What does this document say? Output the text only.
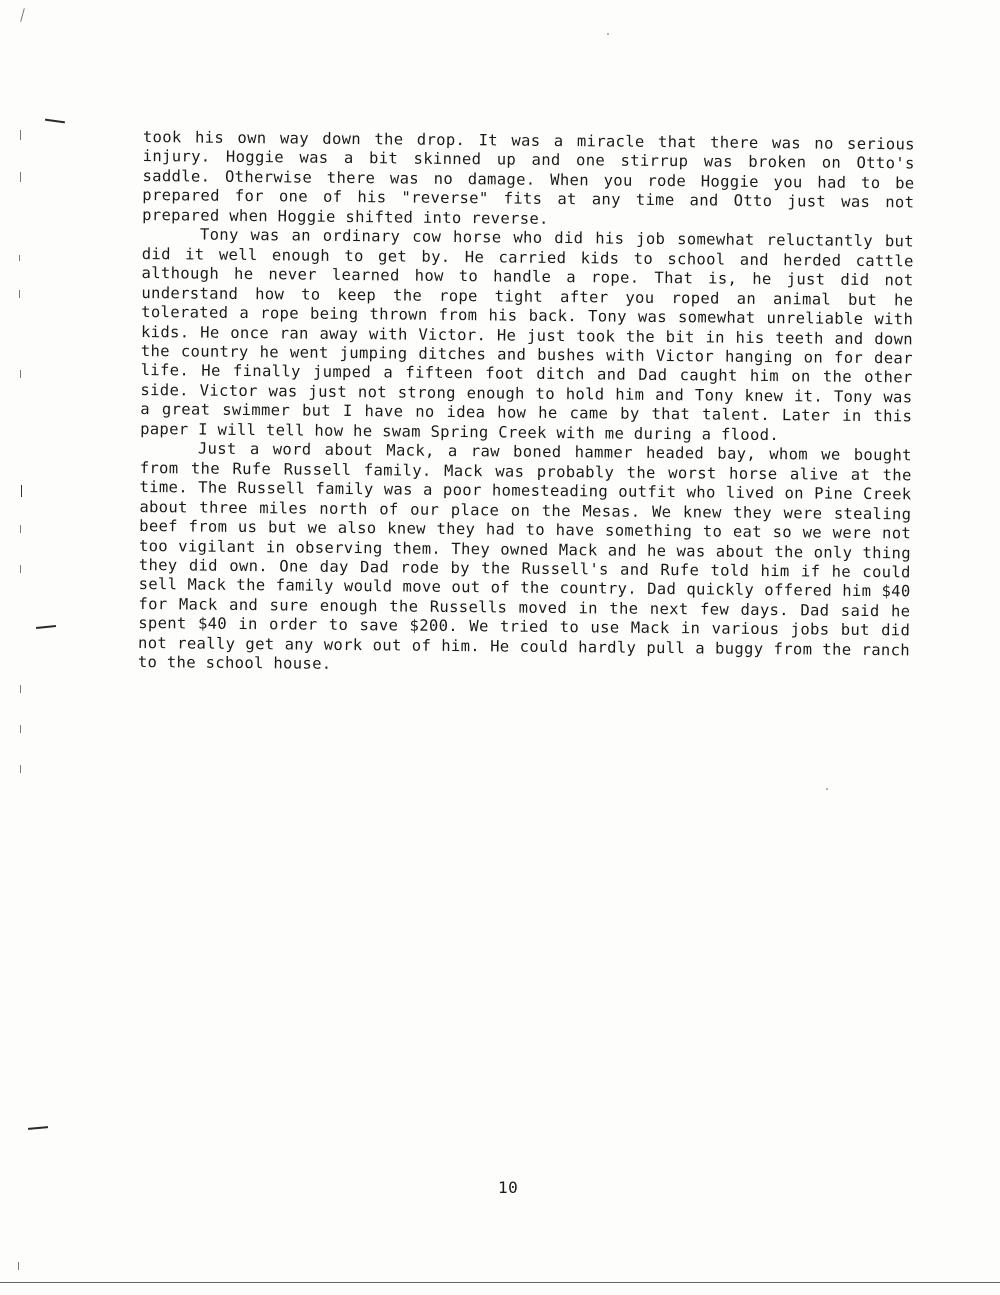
took his own way down the drop. It was a miracle that there was no serious injury. Hoggie was a bit skinned up and one stirrup was broken on Otto's saddle. Otherwise there was no damage. When you rode Hoggie you had to be prepared for one of his "reverse" fits at any time and Otto just was not prepared when Hoggie shifted into reverse.

Tony was an ordinary cow horse who did his job somewhat reluctantly but did it well enough to get by. He carried kids to school and herded cattle although he never learned how to handle a rope. That is, he just did not understand how to keep the rope tight after you roped an animal but he tolerated a rope being thrown from his back. Tony was somewhat unreliable with kids. He once ran away with Victor. He just took the bit in his teeth and down the country he went jumping ditches and bushes with Victor hanging on for dear life. He finally jumped a fifteen foot ditch and Dad caught him on the other side. Victor was just not strong enough to hold him and Tony knew it. Tony was a great swimmer but I have no idea how he came by that talent. Later in this paper I will tell how he swam Spring Creek with me during a flood.

Just a word about Mack, a raw boned hammer headed bay, whom we bought from the Rufe Russell family. Mack was probably the worst horse alive at the time. The Russell family was a poor homesteading outfit who lived on Pine Creek about three miles north of our place on the Mesas. We knew they were stealing beef from us but we also knew they had to have something to eat so we were not too vigilant in observing them. They owned Mack and he was about the only thing they did own. One day Dad rode by the Russell's and Rufe told him if he could sell Mack the family would move out of the country. Dad quickly offered him $40 for Mack and sure enough the Russells moved in the next few days. Dad said he spent $40 in order to save $200. We tried to use Mack in various jobs but did not really get any work out of him. He could hardly pull a buggy from the ranch to the school house.

10
